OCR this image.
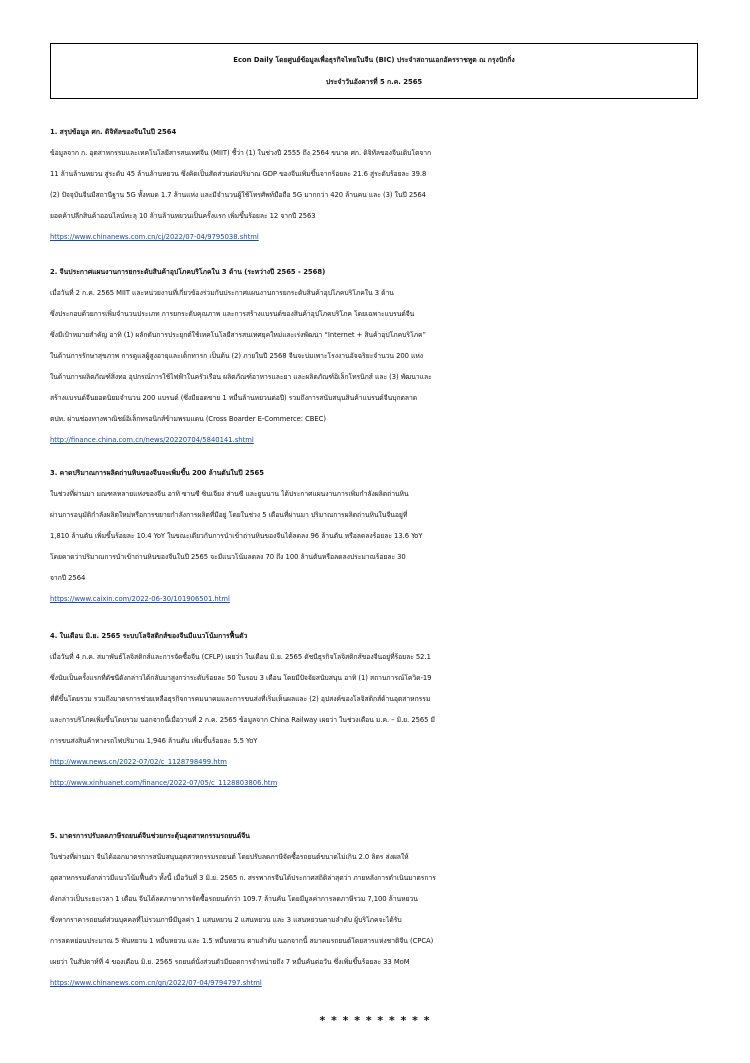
Econ Daily โดยศูนย์ข้อมูลเพื่อธุรกิจไทยในจีน (BIC) ประจำสถานเอกอัครราชทูต ณ กรุงปักกิ่ง
ประจำวันอังคารที่ 5 ก.ค. 2565
1. สรุปข้อมูล ศก. ดิจิทัลของจีนในปี 2564
ข้อมูลจาก ก. อุตสาหกรรมและเทคโนโลยีสารสนเทศจีน (MIIT) ชี้ว่า (1) ในช่วงปี 2555 ถึง 2564 ขนาด ศก. ดิจิทัลของจีนเติบโตจาก
11 ล้านล้านหยวน สู่ระดับ 45 ล้านล้านหยวน ซึ่งคิดเป็นสัดส่วนต่อปริมาณ GDP ของจีนเพิ่มขึ้นจากร้อยละ 21.6 สู่ระดับร้อยละ 39.8
(2) ปัจจุบันจีนมีสถานีฐาน 5G ทั้งหมด 1.7 ล้านแห่ง และมีจำนวนผู้ใช้โทรศัพท์มือถือ 5G มากกว่า 420 ล้านคน และ (3) ในปี 2564
ยอดค้าปลีกสินค้าออนไลน์ทะลุ 10 ล้านล้านหยวนเป็นครั้งแรก เพิ่มขึ้นร้อยละ 12 จากปี 2563
https://www.chinanews.com.cn/cj/2022/07-04/9795038.shtml
2. จีนประกาศแผนงานการยกระดับสินค้าอุปโภคบริโภคใน 3 ด้าน (ระหว่างปี 2565 - 2568)
เมื่อวันที่ 2 ก.ค. 2565 MIIT และหน่วยงานที่เกี่ยวข้องร่วมกันประกาศแผนงานการยกระดับสินค้าอุปโภคบริโภคใน 3 ด้าน
ซึ่งประกอบด้วยการเพิ่มจำนวนประเภท การยกระดับคุณภาพ และการสร้างแบรนด์ของสินค้าอุปโภคบริโภค โดยเฉพาะแบรนด์จีน
ซึ่งมีเป้าหมายสำคัญ อาทิ (1) ผลักดันการประยุกต์ใช้เทคโนโลยีสารสนเทศยุคใหม่และเร่งพัฒนา “Internet + สินค้าอุปโภคบริโภค”
ในด้านการรักษาสุขภาพ การดูแลผู้สูงอายุและเด็กทารก เป็นต้น (2) ภายในปี 2568 จีนจะบ่มเพาะโรงงานอัจฉริยะจำนวน 200 แห่ง
ในด้านการผลิตภัณฑ์สิ่งทอ อุปกรณ์การใช้ไฟฟ้าในครัวเรือน ผลิตภัณฑ์อาหารและยา และผลิตภัณฑ์อิเล็กโทรนิกส์ และ (3) พัฒนาและ
สร้างแบรนด์จีนยอดนิยมจำนวน 200 แบรนด์ (ซึ่งมียอดขาย 1 หมื่นล้านหยวนต่อปี) รวมถึงการสนับสนุนสินค้าแบรนด์จีนบุกตลาด
ตปท. ผ่านช่องทางพาณิชย์อิเล็กทรอนิกส์ข้ามพรมแดน (Cross Boarder E-Commerce: CBEC)
http://finance.china.com.cn/news/20220704/5840141.shtml
3. คาดปริมาณการผลิตถ่านหินของจีนจะเพิ่มขึ้น 200 ล้านตันในปี 2565
ในช่วงที่ผ่านมา มณฑลหลายแห่งของจีน อาทิ ซานซี ซินเจียง ส่านซี และยูนนาน ได้ประกาศแผนงานการเพิ่มกำลังผลิตถ่านหิน
ผ่านการอนุมัติกำลังผลิตใหม่หรือการขยายกำลังการผลิตที่มีอยู่ โดยในช่วง 5 เดือนที่ผ่านมา ปริมาณการผลิตถ่านหินในจีนอยู่ที่
1,810 ล้านตัน เพิ่มขึ้นร้อยละ 10.4 YoY ในขณะเดียวกันการนำเข้าถ่านหินของจีนได้ลดลง 96 ล้านตัน หรือลดลงร้อยละ 13.6 YoY
โดยคาดว่าปริมาณการนำเข้าถ่านหินของจีนในปี 2565 จะมีแนวโน้มลดลง 70 ถึง 100 ล้านตันหรือลดลงประมาณร้อยละ 30
จากปี 2564
https://www.caixin.com/2022-06-30/101906501.html
4. ในเดือน มิ.ย. 2565 ระบบโลจิสติกส์ของจีนมีแนวโน้มการฟื้นตัว
เมื่อวันที่ 4 ก.ค. สมาพันธ์โลจิสติกส์และการจัดซื้อจีน (CFLP) เผยว่า ในเดือน มิ.ย. 2565 ดัชนีธุรกิจโลจิสติกส์ของจีนอยู่ที่ร้อยละ 52.1
ซึ่งนับเป็นครั้งแรกที่ดัชนีดังกล่าวได้กลับมาสูงกว่าระดับร้อยละ 50 ในรอบ 3 เดือน โดยมีปัจจัยสนับสนุน อาทิ (1) สถานการณ์โควิด-19
ที่ดีขึ้นโดยรวม รวมถึงมาตรการช่วยเหลือธุรกิจการคมนาคมและการขนส่งที่เริ่มเห็นผลและ (2) อุปสงค์ของโลจิสติกส์ด้านอุตสาหกรรม
และการบริโภคเพิ่มขึ้นโดยรวม นอกจากนี้เมื่อวานที่ 2 ก.ค. 2565 ข้อมูลจาก China Railway เผยว่า ในช่วงเดือน ม.ค. – มิ.ย. 2565 มี
การขนส่งสินค้าทางรถไฟปริมาณ 1,946 ล้านตัน เพิ่มขึ้นร้อยละ 5.5 YoY
http://www.news.cn/2022-07/02/c_1128798499.htm
http://www.xinhuanet.com/finance/2022-07/05/c_1128803806.htm
5. มาตรการปรับลดภาษีรถยนต์จีนช่วยกระตุ้นอุตสาหกรรมรถยนต์จีน
ในช่วงที่ผ่านมา จีนได้ออกมาตรการสนับสนุนอุตสาหกรรมรถยนต์ โดยปรับลดภาษีจัดซื้อรถยนต์ขนาดไม่เกิน 2.0 ลิตร ส่งผลให้
อุตสาหกรรมดังกล่าวมีแนวโน้มฟื้นตัว ทั้งนี้ เมื่อวันที่ 3 มิ.ย. 2565 ก. สรรพากรจีนได้ประกาศสถิติล่าสุดว่า ภายหลังการดำเนินมาตรการ
ดังกล่าวเป็นระยะเวลา 1 เดือน จีนได้ลดภาษาการจัดซื้อรถยนต์กว่า 109.7 ล้านคัน โดยมีมูลค่าการลดภาษีรวม 7,100 ล้านหยวน
ซึ่งหากราคารถยนต์ส่วนบุคคลที่ไม่รวมภาษีมีมูลค่า 1 แสนหยวน 2 แสนหยวน และ 3 แสนหยวนตามลำดับ ผู้บริโภคจะได้รับ
การลดหย่อนประมาณ 5 พันหยวน 1 หมื่นหยวน และ 1.5 หมื่นหยวน ตามลำดับ นอกจากนี้ สมาคมรถยนต์โดยสารแห่งชาติจีน (CPCA)
เผยว่า ในสัปดาห์ที่ 4 ของเดือน มิ.ย. 2565 รถยนต์นั่งส่วนตัวมียอดการจำหน่ายถึง 7 หมื่นคันต่อวัน ซึ่งเพิ่มขึ้นร้อยละ 33 MoM
https://www.chinanews.com.cn/gn/2022/07-04/9794797.shtml
* * * * * * * * * *
